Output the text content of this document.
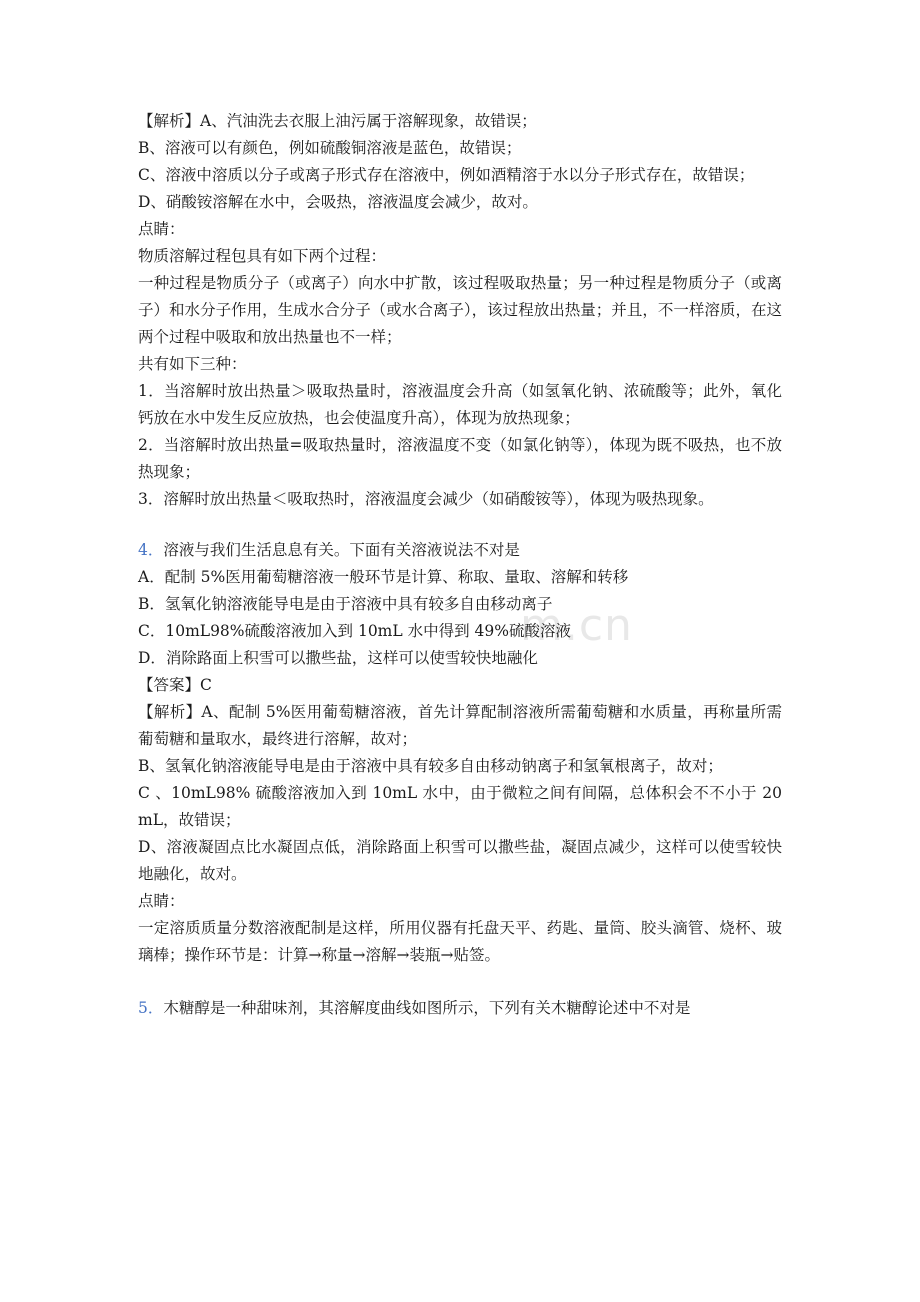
m.cn

【解析】A、汽油洗去衣服上油污属于溶解现象，故错误；

B、溶液可以有颜色，例如硫酸铜溶液是蓝色，故错误；

C、溶液中溶质以分子或离子形式存在溶液中，例如酒精溶于水以分子形式存在，故错误；

D、硝酸铵溶解在水中，会吸热，溶液温度会减少，故对。

点睛：

物质溶解过程包具有如下两个过程：

一种过程是物质分子（或离子）向水中扩散，该过程吸取热量；另一种过程是物质分子（或离子）和水分子作用，生成水合分子（或水合离子），该过程放出热量；并且，不一样溶质，在这两个过程中吸取和放出热量也不一样；

共有如下三种：

1．当溶解时放出热量＞吸取热量时，溶液温度会升高（如氢氧化钠、浓硫酸等；此外，氧化钙放在水中发生反应放热，也会使温度升高），体现为放热现象；

2．当溶解时放出热量=吸取热量时，溶液温度不变（如氯化钠等），体现为既不吸热，也不放热现象；

3．溶解时放出热量＜吸取热时，溶液温度会减少（如硝酸铵等），体现为吸热现象。

4．溶液与我们生活息息有关。下面有关溶液说法不对是

A．配制 5%医用葡萄糖溶液一般环节是计算、称取、量取、溶解和转移

B．氢氧化钠溶液能导电是由于溶液中具有较多自由移动离子

C．10mL98%硫酸溶液加入到 10mL 水中得到 49%硫酸溶液

D．消除路面上积雪可以撒些盐，这样可以使雪较快地融化

【答案】C

【解析】A、配制 5%医用葡萄糖溶液，首先计算配制溶液所需葡萄糖和水质量，再称量所需葡萄糖和量取水，最终进行溶解，故对；

B、氢氧化钠溶液能导电是由于溶液中具有较多自由移动钠离子和氢氧根离子，故对；

C 、10mL98% 硫酸溶液加入到 10mL 水中，由于微粒之间有间隔，总体积会不不小于 20mL，故错误；

D、溶液凝固点比水凝固点低，消除路面上积雪可以撒些盐，凝固点减少，这样可以使雪较快地融化，故对。

点睛：

一定溶质质量分数溶液配制是这样，所用仪器有托盘天平、药匙、量筒、胶头滴管、烧杯、玻璃棒；操作环节是：计算→称量→溶解→装瓶→贴签。

5．木糖醇是一种甜味剂，其溶解度曲线如图所示，下列有关木糖醇论述中不对是
